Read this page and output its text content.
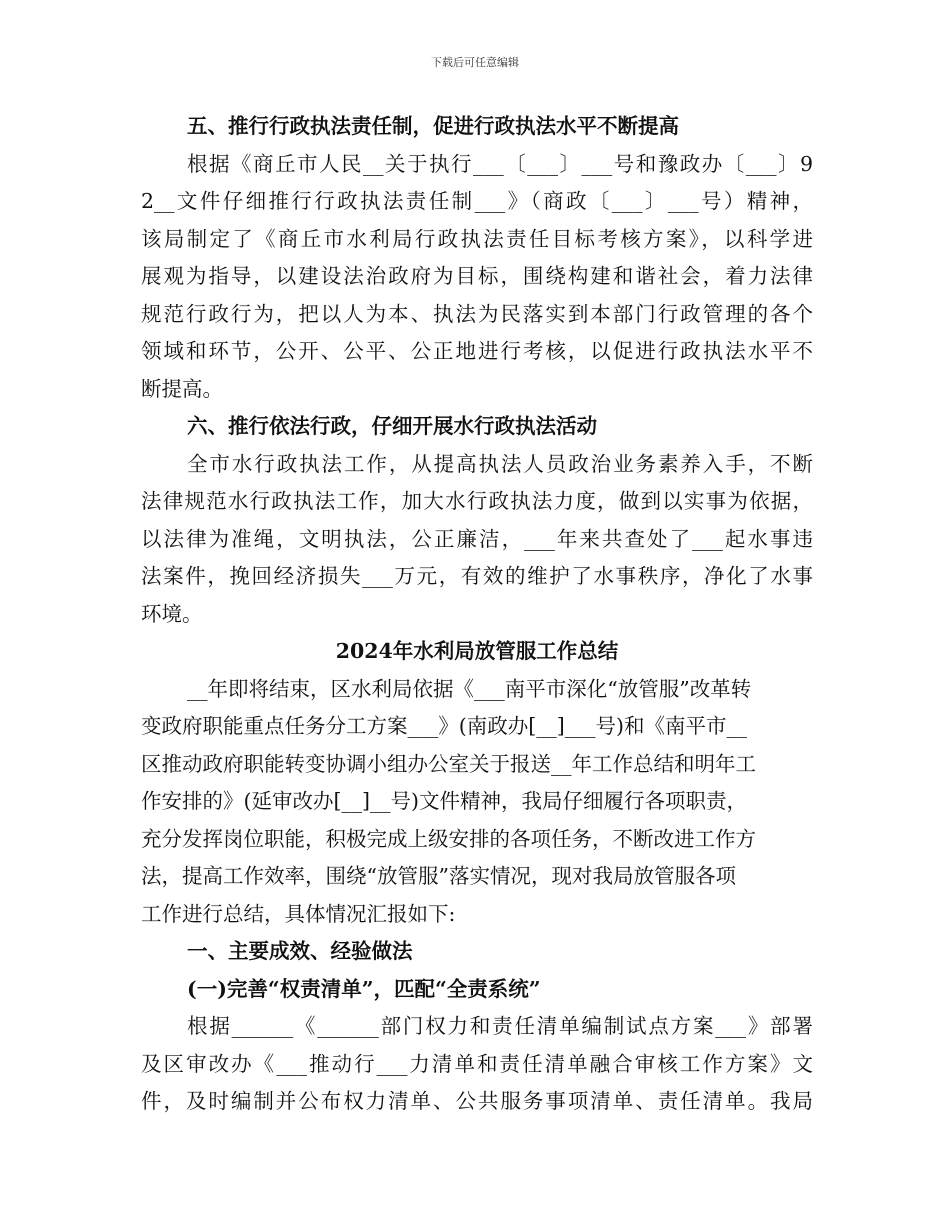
下载后可任意编辑
五、推行行政执法责任制，促进行政执法水平不断提高
根据《商丘市人民__关于执行___〔___〕___号和豫政办〔___〕9
2__文件仔细推行行政执法责任制___》（商政〔___〕___号）精神，
该局制定了《商丘市水利局行政执法责任目标考核方案》，以科学进
展观为指导，以建设法治政府为目标，围绕构建和谐社会，着力法律
规范行政行为，把以人为本、执法为民落实到本部门行政管理的各个
领域和环节，公开、公平、公正地进行考核，以促进行政执法水平不
断提高。
六、推行依法行政，仔细开展水行政执法活动
全市水行政执法工作，从提高执法人员政治业务素养入手，不断
法律规范水行政执法工作，加大水行政执法力度，做到以实事为依据，
以法律为准绳，文明执法，公正廉洁，___年来共查处了___起水事违
法案件，挽回经济损失___万元，有效的维护了水事秩序，净化了水事
环境。
2024年水利局放管服工作总结
__年即将结束，区水利局依据《___南平市深化“放管服”改革转
变政府职能重点任务分工方案___》(南政办[__]___号)和《南平市__
区推动政府职能转变协调小组办公室关于报送__年工作总结和明年工
作安排的》(延审改办[__]__号)文件精神，我局仔细履行各项职责，
充分发挥岗位职能，积极完成上级安排的各项任务，不断改进工作方
法，提高工作效率，围绕“放管服”落实情况，现对我局放管服各项
工作进行总结，具体情况汇报如下:
一、主要成效、经验做法
(一)完善“权责清单”，匹配“全责系统”
根据______《______部门权力和责任清单编制试点方案___》部署
及区审改办《___推动行___力清单和责任清单融合审核工作方案》文
件，及时编制并公布权力清单、公共服务事项清单、责任清单。我局
